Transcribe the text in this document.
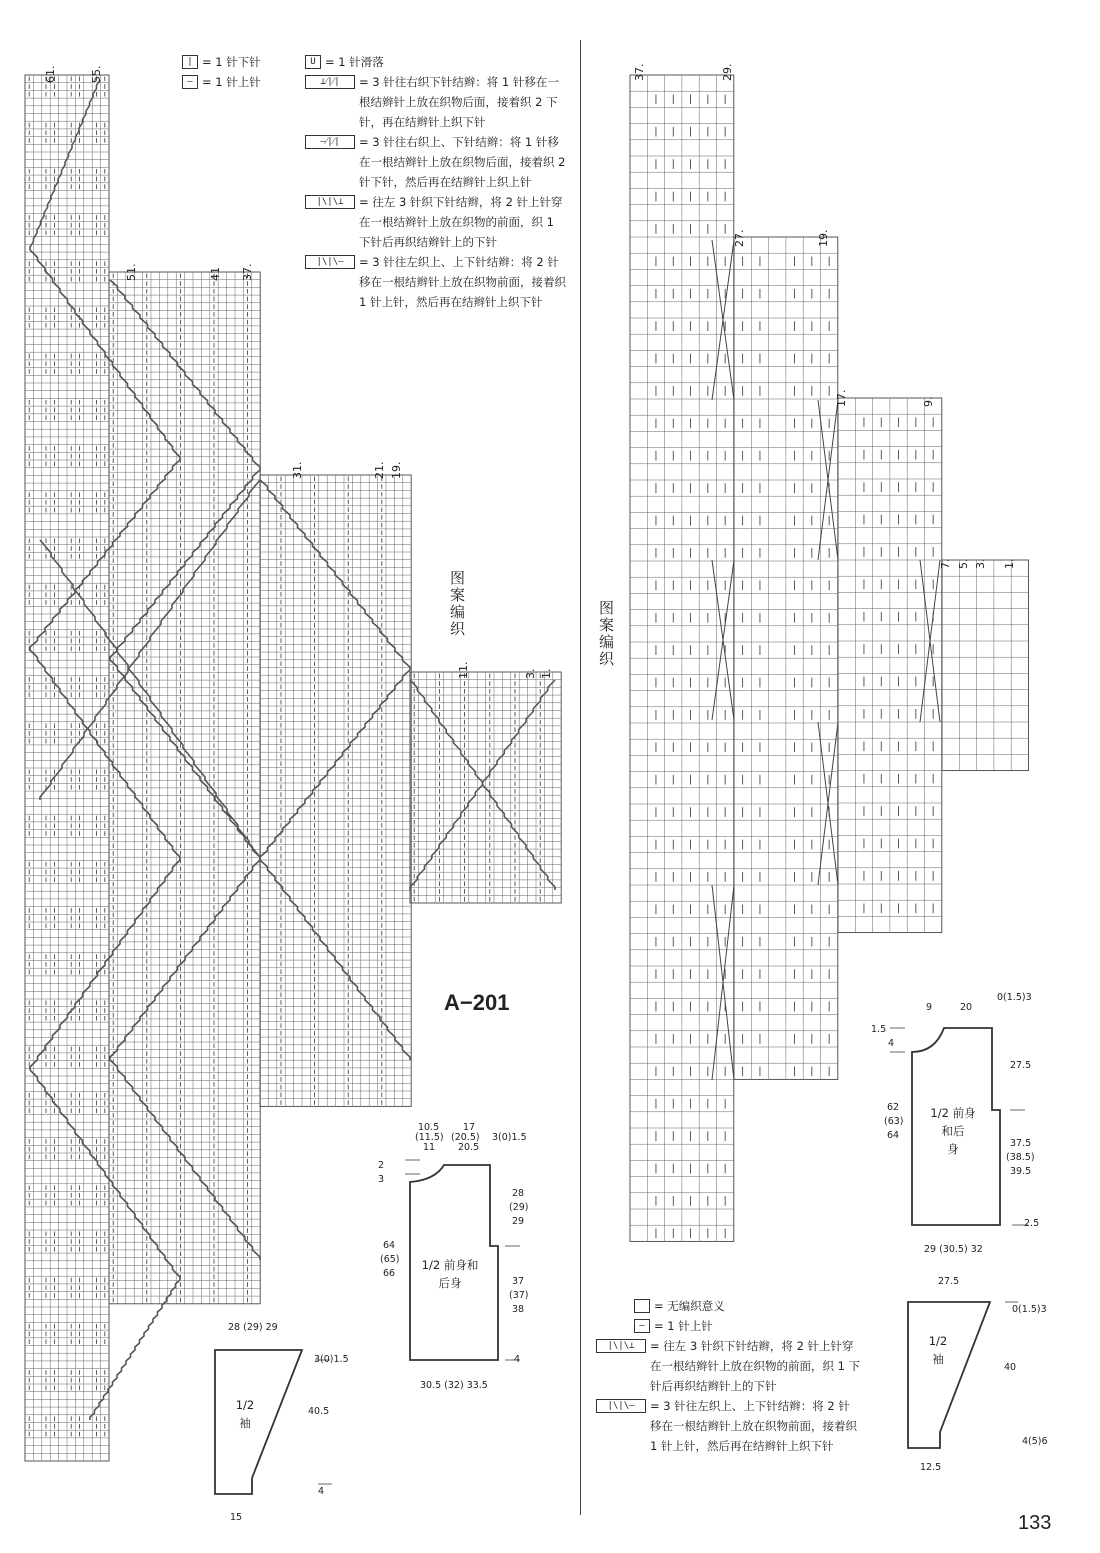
图案编织	图案编织
61.	55.
51.	41 37.
31.	21. 19.
11.	3. 1.
37.	29.
27.	19.
17.	9.
7. 5. 3. 1.
| = 1 针下针
— = 1 针上针
U = 1 针滑落
⊥⁄|⁄|	= 3 针往右织下针结辫：将 1 针移在一根结辫针上放在织物后面，接着织 2 下针，再在结辫针上织下针
—⁄|⁄|	= 3 针往右织上、下针结辫：将 1 针移在一根结辫针上放在织物后面，接着织 2 针下针，然后再在结辫针上织上针
|\|\⊥	= 往左 3 针织下针结辫，将 2 针上针穿在一根结辫针上放在织物的前面，织 1 下针后再织结辫针上的下针
|\|\—	= 3 针往左织上、上下针结辫：将 2 针移在一根结辫针上放在织物前面，接着织 1 针上针，然后再在结辫针上织下针
= 无编织意义
— = 1 针上针
|\|\⊥	= 往左 3 针织下针结辫，将 2 针上针穿在一根结辫针上放在织物的前面，织 1 下针后再织结辫针上的下针
|\|\—	= 3 针往左织上、上下针结辫：将 2 针移在一根结辫针上放在织物前面，接着织 1 针上针，然后再在结辫针上织下针
A−201
133
10.5	17
3(0)1.5
(11.5) (20.5)
11 20.5
2
3
64
(65)
66
28
(29)
29
37
(37)
38
4
30.5 (32) 33.5
1/2 前身和
后身
28 (29) 29
3(0)1.5
40.5
4
15
1/2
袖
9	20
0(1.5)3
1.5
4
62
(63)
64
27.5
37.5
(38.5)
39.5
2.5
29 (30.5) 32
1/2 前身
和后
身
27.5
0(1.5)3
40
4(5)6
12.5
1/2
袖
